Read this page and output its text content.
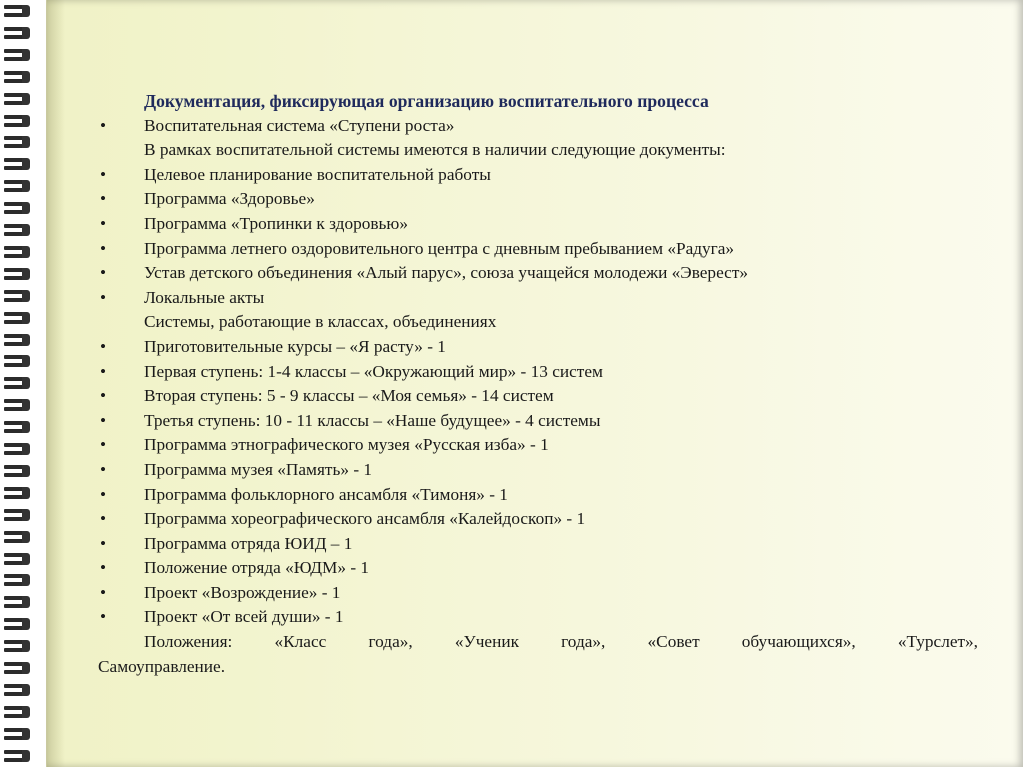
Документация, фиксирующая организацию воспитательного процесса
• Воспитательная система «Ступени роста»
В рамках воспитательной системы имеются в наличии следующие документы:
• Целевое планирование воспитательной работы
• Программа «Здоровье»
• Программа «Тропинки к здоровью»
• Программа летнего оздоровительного центра с дневным пребыванием «Радуга»
• Устав детского объединения «Алый парус», союза учащейся молодежи «Эверест»
• Локальные акты
Системы, работающие в классах, объединениях
• Приготовительные курсы – «Я расту» - 1
• Первая ступень: 1-4 классы – «Окружающий мир» - 13 систем
• Вторая ступень: 5 - 9 классы – «Моя семья» - 14 систем
• Третья ступень: 10 - 11 классы – «Наше будущее» - 4 системы
• Программа этнографического музея «Русская изба» - 1
• Программа музея «Память» - 1
• Программа фольклорного ансамбля «Тимоня» - 1
• Программа хореографического ансамбля «Калейдоскоп» - 1
• Программа отряда ЮИД – 1
• Положение отряда «ЮДМ» - 1
• Проект «Возрождение» - 1
• Проект «От всей души» - 1
Положения: «Класс года», «Ученик года», «Совет обучающихся», «Турслет»,
Самоуправление.
